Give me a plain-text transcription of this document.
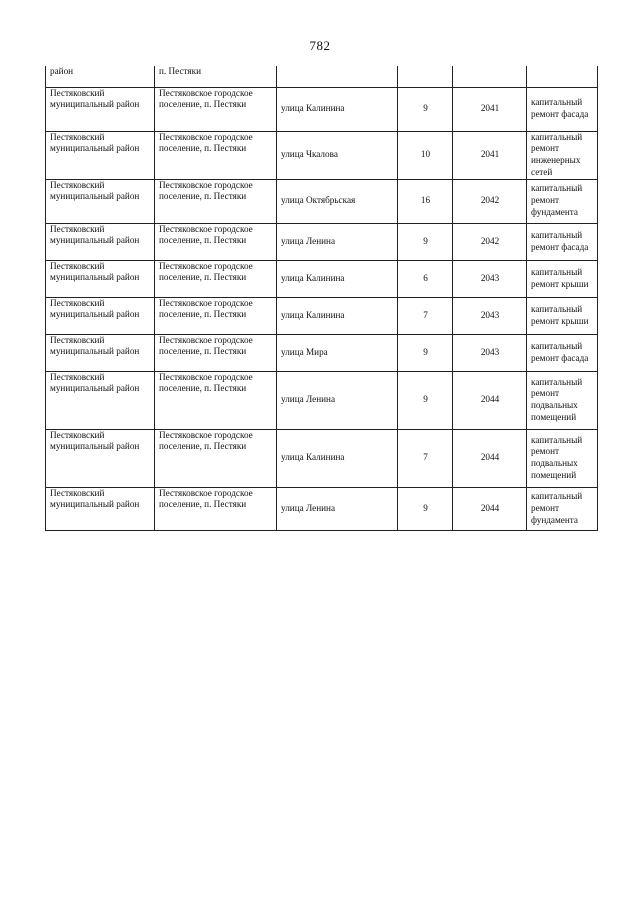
782
район	п. Пестяки				
Пестяковский муниципальный район	Пестяковское городское поселение, п. Пестяки	улица Калинина	9	2041	капитальный ремонт фасада
Пестяковский муниципальный район	Пестяковское городское поселение, п. Пестяки	улица Чкалова	10	2041	капитальный ремонт инженерных сетей
Пестяковский муниципальный район	Пестяковское городское поселение, п. Пестяки	улица Октябрьская	16	2042	капитальный ремонт фундамента
Пестяковский муниципальный район	Пестяковское городское поселение, п. Пестяки	улица Ленина	9	2042	капитальный ремонт фасада
Пестяковский муниципальный район	Пестяковское городское поселение, п. Пестяки	улица Калинина	6	2043	капитальный ремонт крыши
Пестяковский муниципальный район	Пестяковское городское поселение, п. Пестяки	улица Калинина	7	2043	капитальный ремонт крыши
Пестяковский муниципальный район	Пестяковское городское поселение, п. Пестяки	улица Мира	9	2043	капитальный ремонт фасада
Пестяковский муниципальный район	Пестяковское городское поселение, п. Пестяки	улица Ленина	9	2044	капитальный ремонт подвальных помещений
Пестяковский муниципальный район	Пестяковское городское поселение, п. Пестяки	улица Калинина	7	2044	капитальный ремонт подвальных помещений
Пестяковский муниципальный район	Пестяковское городское поселение, п. Пестяки	улица Ленина	9	2044	капитальный ремонт фундамента
